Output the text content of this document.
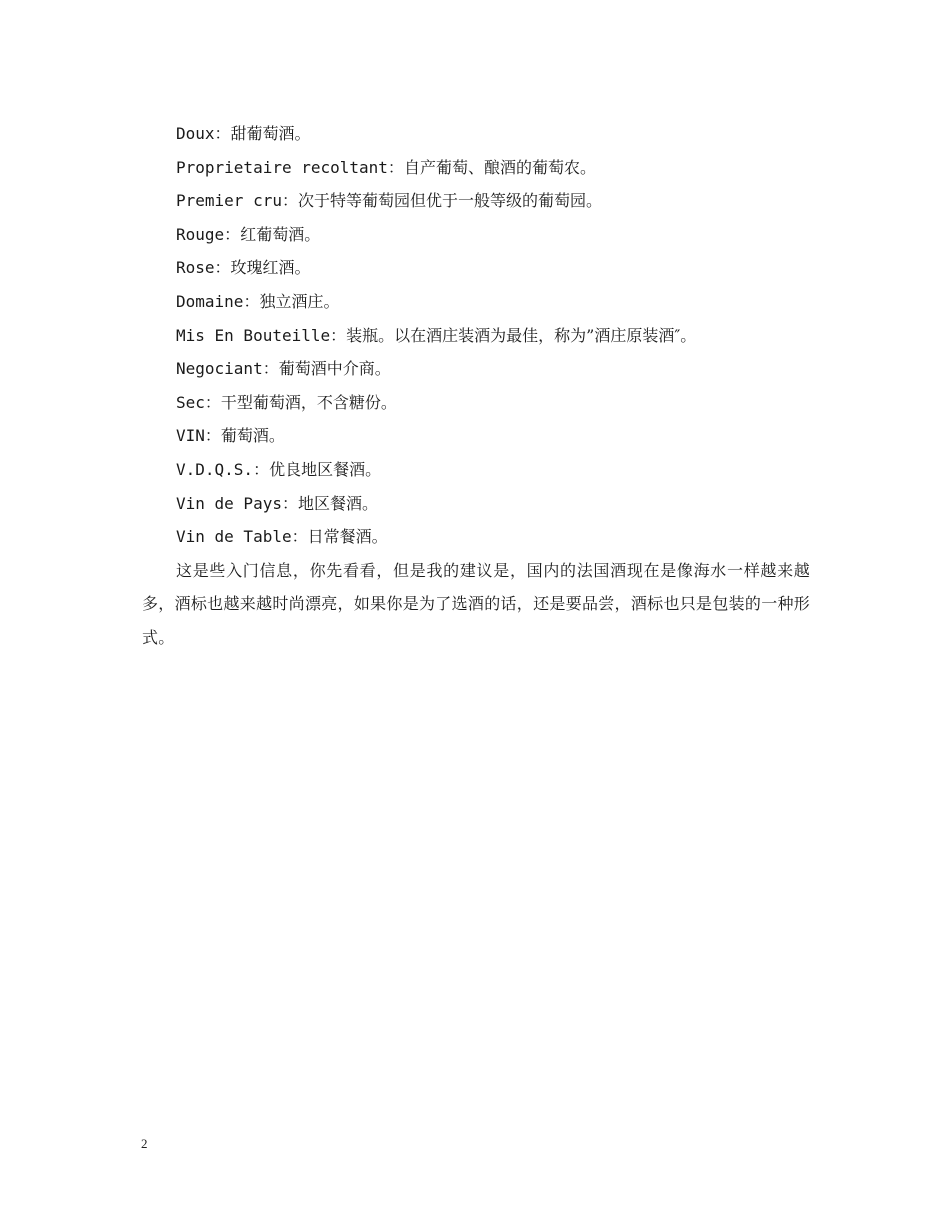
Doux：甜葡萄酒。

Proprietaire recoltant：自产葡萄、酿酒的葡萄农。

Premier cru：次于特等葡萄园但优于一般等级的葡萄园。

Rouge：红葡萄酒。

Rose：玫瑰红酒。

Domaine：独立酒庄。

Mis En Bouteille：装瓶。以在酒庄装酒为最佳，称为”酒庄原装酒″。

Negociant：葡萄酒中介商。

Sec：干型葡萄酒，不含糖份。

VIN：葡萄酒。

V.D.Q.S.：优良地区餐酒。

Vin de Pays：地区餐酒。

Vin de Table：日常餐酒。

这是些入门信息，你先看看，但是我的建议是，国内的法国酒现在是像海水一样越来越多，酒标也越来越时尚漂亮，如果你是为了选酒的话，还是要品尝，酒标也只是包装的一种形式。

2
